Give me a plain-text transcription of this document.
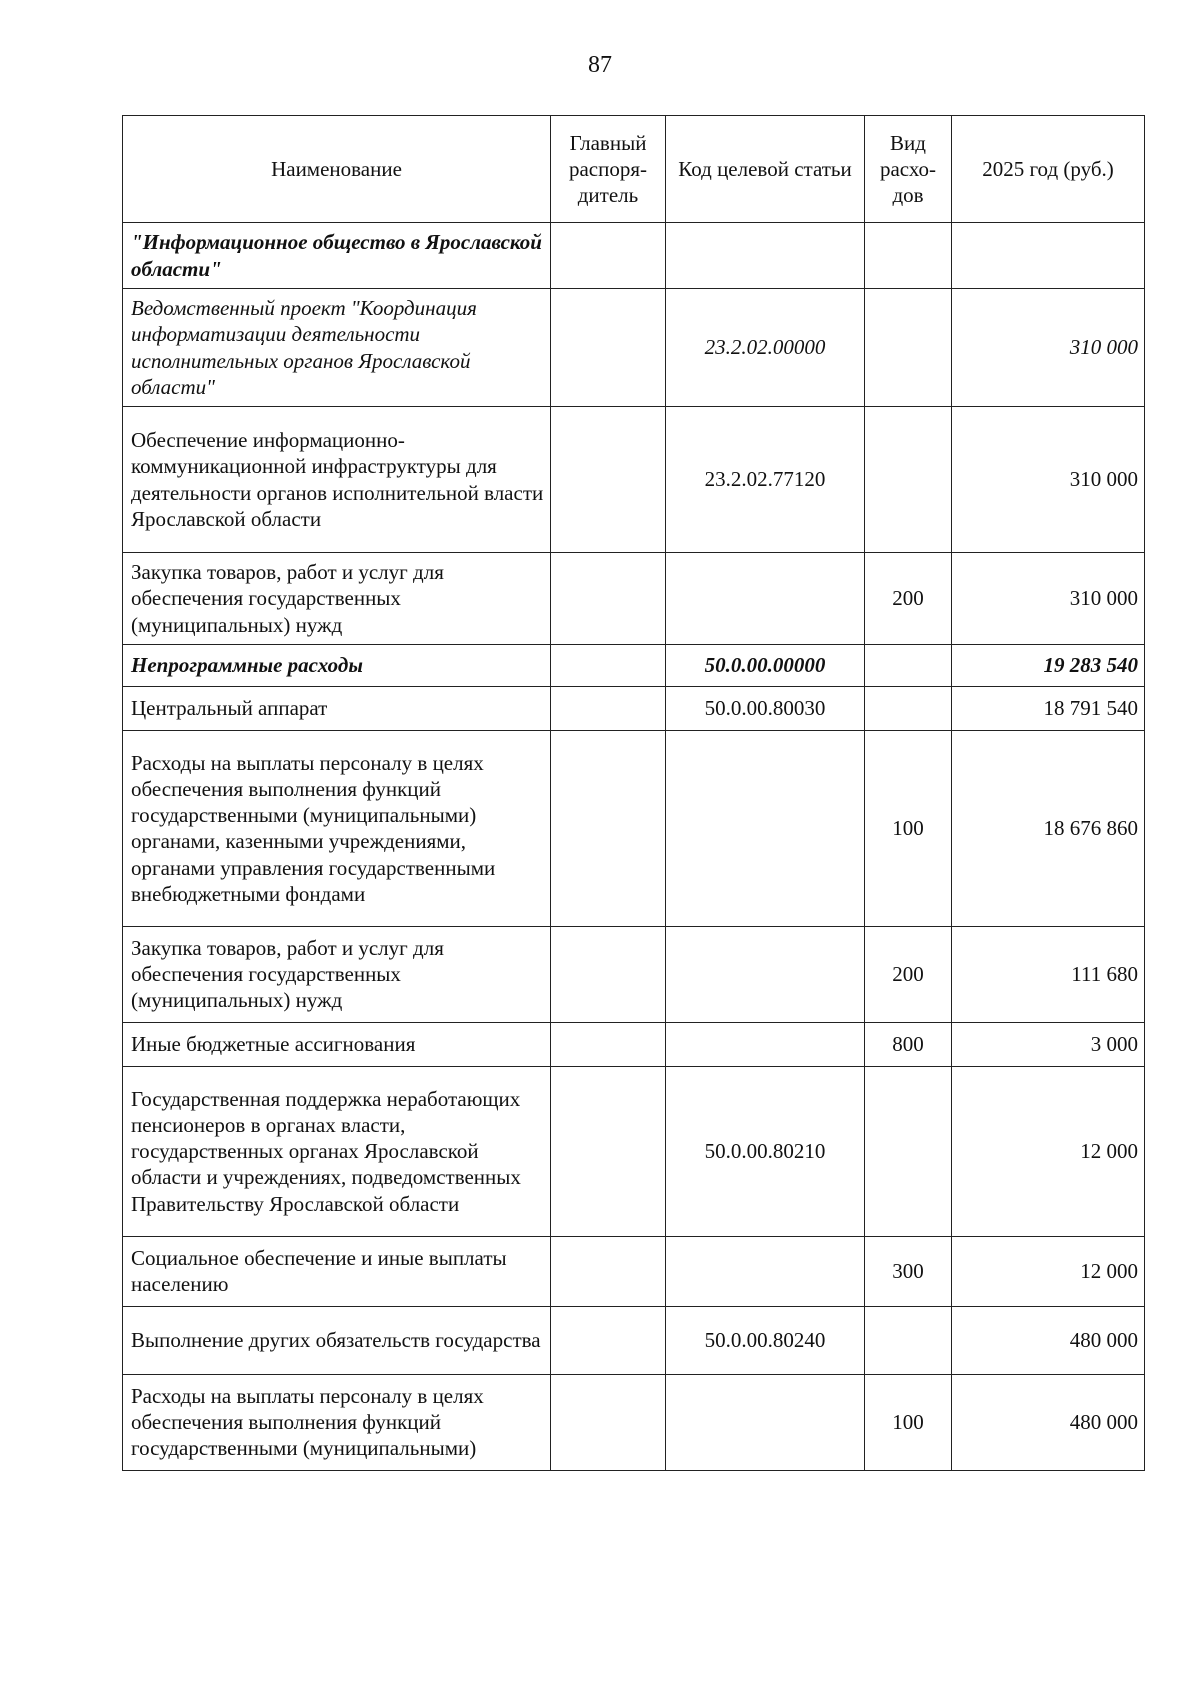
87
Наименование	Главный распоря-дитель	Код целевой статьи	Вид расхо-дов	2025 год (руб.)
"Информационное общество в Ярославской области"				
Ведомственный проект "Координация информатизации деятельности исполнительных органов Ярославской области"		23.2.02.00000		310 000
Обеспечение информационно-коммуникационной инфраструктуры для деятельности органов исполнительной власти Ярославской области		23.2.02.77120		310 000
Закупка товаров, работ и услуг для обеспечения государственных (муниципальных) нужд			200	310 000
Непрограммные расходы		50.0.00.00000		19 283 540
Центральный аппарат		50.0.00.80030		18 791 540
Расходы на выплаты персоналу в целях обеспечения выполнения функций государственными (муниципальными) органами, казенными учреждениями, органами управления государственными внебюджетными фондами			100	18 676 860
Закупка товаров, работ и услуг для обеспечения государственных (муниципальных) нужд			200	111 680
Иные бюджетные ассигнования			800	3 000
Государственная поддержка неработающих пенсионеров в органах власти, государственных органах Ярославской области и учреждениях, подведомственных Правительству Ярославской области		50.0.00.80210		12 000
Социальное обеспечение и иные выплаты населению			300	12 000
Выполнение других обязательств государства		50.0.00.80240		480 000
Расходы на выплаты персоналу в целях обеспечения выполнения функций государственными (муниципальными)			100	480 000
